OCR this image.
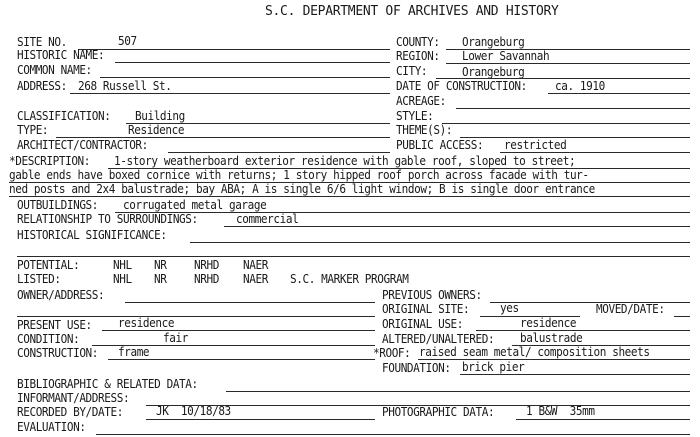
S.C. DEPARTMENT OF ARCHIVES AND HISTORY
SITE NO.	507	COUNTY: Orangeburg
HISTORIC NAME:	REGION: Lower Savannah
COMMON NAME:	CITY:	Orangeburg
ADDRESS: 268 Russell St.	DATE OF CONSTRUCTION: ca. 1910
ACREAGE:
CLASSIFICATION: Building	STYLE:
TYPE:	Residence	THEME(S):
ARCHITECT/CONTRACTOR:	PUBLIC ACCESS: restricted
*DESCRIPTION: 1-story weatherboard exterior residence with gable roof, sloped to street;
gable ends have boxed cornice with returns; 1 story hipped roof porch across facade with tur-
ned posts and 2x4 balustrade; bay ABA; A is single 6/6 light window; B is single door entrance
OUTBUILDINGS: corrugated metal garage
RELATIONSHIP TO SURROUNDINGS:	commercial
HISTORICAL SIGNIFICANCE:
POTENTIAL:	NHL NR NRHD NAER
LISTED:	NHL NR NRHD NAER S.C. MARKER PROGRAM
OWNER/ADDRESS:	PREVIOUS OWNERS:
ORIGINAL SITE:	yes	MOVED/DATE:
PRESENT USE: residence	ORIGINAL USE:	residence
CONDITION:	fair	ALTERED/UNALTERED: balustrade
CONSTRUCTION: frame	*ROOF: raised seam metal/ composition sheets
FOUNDATION: brick pier
BIBLIOGRAPHIC & RELATED DATA:
INFORMANT/ADDRESS:
RECORDED BY/DATE:	JK  10/18/83	PHOTOGRAPHIC DATA:	1 B&W  35mm
EVALUATION:
